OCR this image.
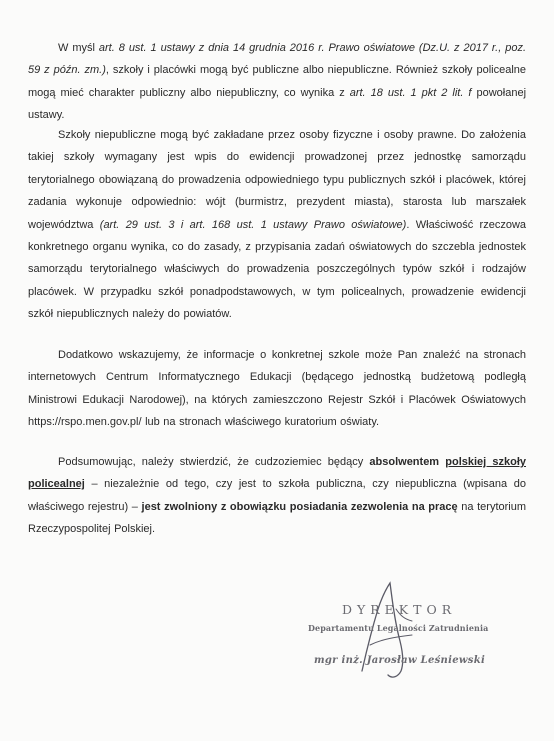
W myśl art. 8 ust. 1 ustawy z dnia 14 grudnia 2016 r. Prawo oświatowe (Dz.U. z 2017 r., poz. 59 z późn. zm.), szkoły i placówki mogą być publiczne albo niepubliczne. Również szkoły policealne mogą mieć charakter publiczny albo niepubliczny, co wynika z art. 18 ust. 1 pkt 2 lit. f powołanej ustawy.

Szkoły niepubliczne mogą być zakładane przez osoby fizyczne i osoby prawne. Do założenia takiej szkoły wymagany jest wpis do ewidencji prowadzonej przez jednostkę samorządu terytorialnego obowiązaną do prowadzenia odpowiedniego typu publicznych szkół i placówek, której zadania wykonuje odpowiednio: wójt (burmistrz, prezydent miasta), starosta lub marszałek województwa (art. 29 ust. 3 i art. 168 ust. 1 ustawy Prawo oświatowe). Właściwość rzeczowa konkretnego organu wynika, co do zasady, z przypisania zadań oświatowych do szczebla jednostek samorządu terytorialnego właściwych do prowadzenia poszczególnych typów szkół i rodzajów placówek. W przypadku szkół ponadpodstawowych, w tym policealnych, prowadzenie ewidencji szkół niepublicznych należy do powiatów.

Dodatkowo wskazujemy, że informacje o konkretnej szkole może Pan znaleźć na stronach internetowych Centrum Informatycznego Edukacji (będącego jednostką budżetową podległą Ministrowi Edukacji Narodowej), na których zamieszczono Rejestr Szkół i Placówek Oświatowych https://rspo.men.gov.pl/ lub na stronach właściwego kuratorium oświaty.

Podsumowując, należy stwierdzić, że cudzoziemiec będący absolwentem polskiej szkoły policealnej – niezależnie od tego, czy jest to szkoła publiczna, czy niepubliczna (wpisana do właściwego rejestru) – jest zwolniony z obowiązku posiadania zezwolenia na pracę na terytorium Rzeczypospolitej Polskiej.

DYREKTOR
Departamentu Legalności Zatrudnienia
mgr inż. Jarosław Leśniewski
